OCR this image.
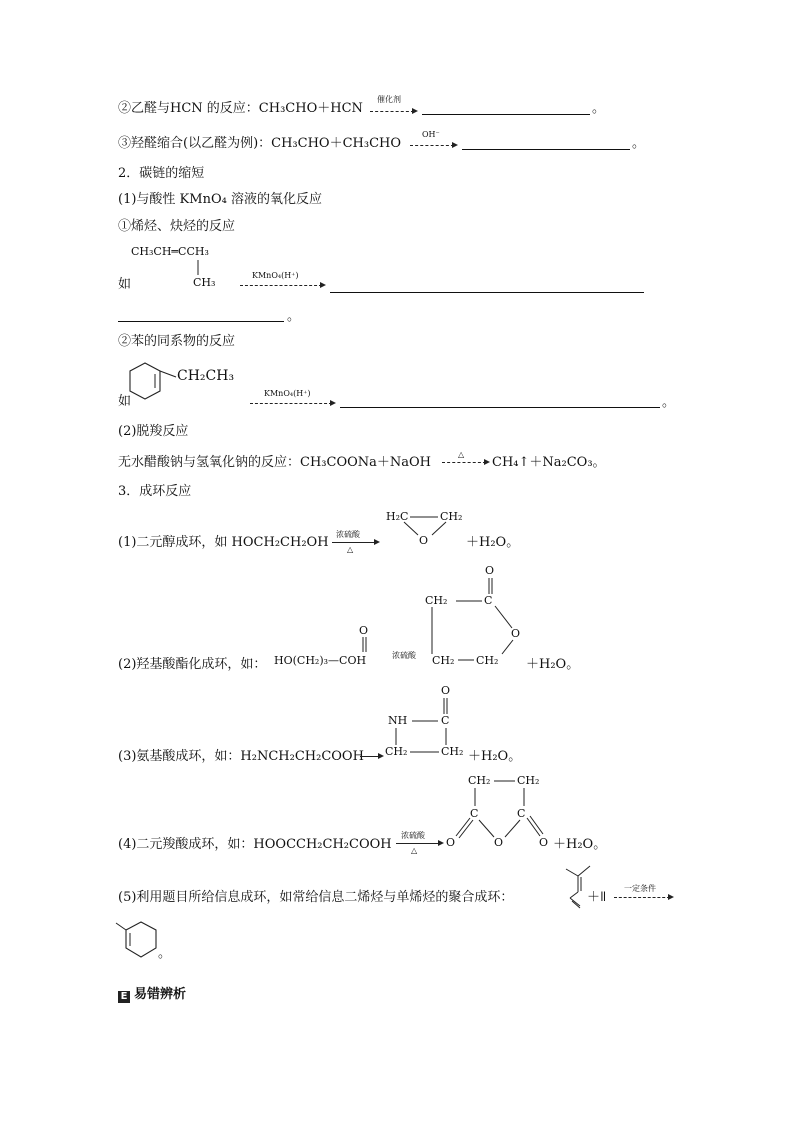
②乙醛与HCN 的反应：CH₃CHO＋HCN
催化剂
。
③羟醛缩合(以乙醛为例)：CH₃CHO＋CH₃CHO
OH⁻
。
2．碳链的缩短
(1)与酸性 KMnO₄ 溶液的氧化反应
①烯烃、炔烃的反应
CH₃CH═CCH₃
CH₃
如
KMnO₄(H⁺)
。
②苯的同系物的反应
CH₂CH₃
如
KMnO₄(H⁺)
。
(2)脱羧反应
无水醋酸钠与氢氧化钠的反应：CH₃COONa＋NaOH
△
CH₄↑＋Na₂CO₃。
3．成环反应
(1)二元醇成环，如 HOCH₂CH₂OH
浓硫酸
△
H₂C	CH₂
O	＋H₂O。
(2)羟基酸酯化成环，如： HO(CH₂)₃—COH
O
浓硫酸
CH₂	C
O
O
CH₂ CH₂ ＋H₂O。
(3)氨基酸成环，如：H₂NCH₂CH₂COOH
NH	C
O
CH₂	CH₂ ＋H₂O。
(4)二元羧酸成环，如：HOOCCH₂CH₂COOH
浓硫酸
△
CH₂ CH₂
C	C
O	O	O ＋H₂O。
(5)利用题目所给信息成环，如常给信息二烯烃与单烯烃的聚合成环：	＋ǁ
一定条件
。
E 易错辨析
